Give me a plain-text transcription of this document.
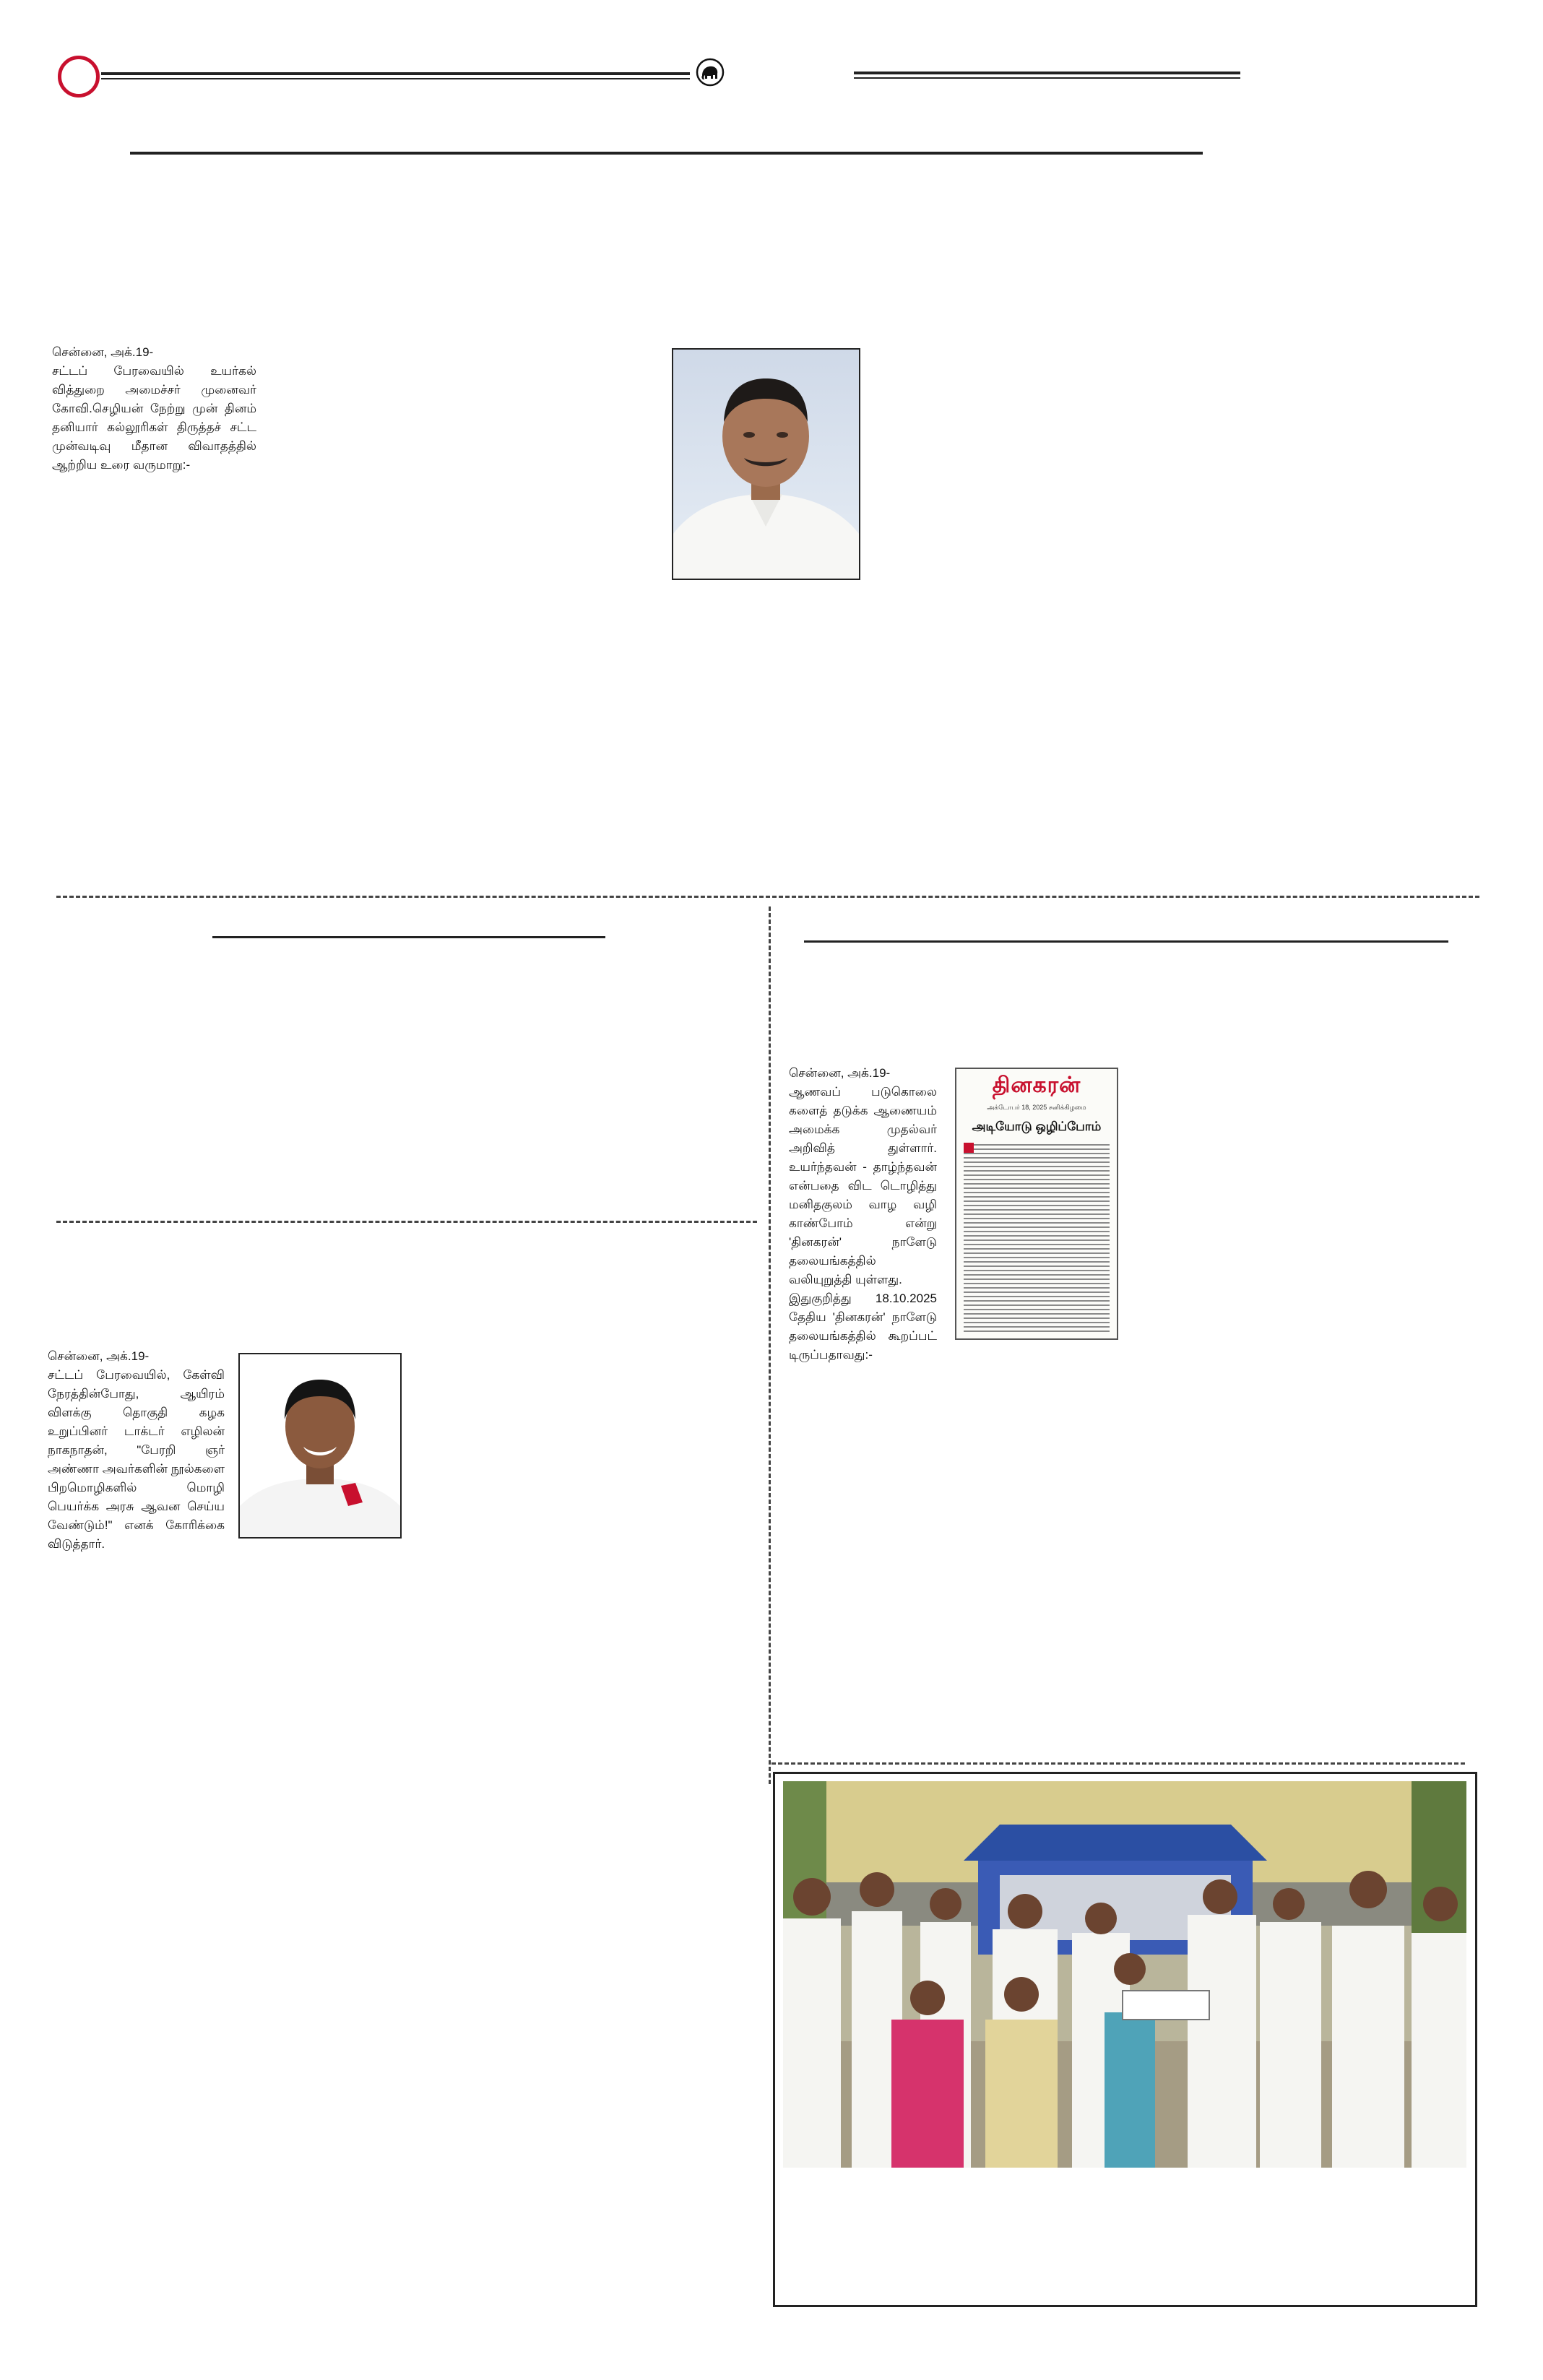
சென்னை, அக்.19-
சட்டப் பேரவையில் உயர்கல் வித்துறை அமைச்சர் முனைவர் கோவி.செழியன் நேற்று முன் தினம் தனியார் கல்லூரிகள் திருத்தச் சட்ட முன்வடிவு மீதான விவாதத்தில் ஆற்றிய உரை வருமாறு:-
சென்னை, அக்.19-
ஆணவப் படுகொலை களைத் தடுக்க ஆணையம் அமைக்க முதல்வர் அறிவித் துள்ளார். உயர்ந்தவன் - தாழ்ந்தவன் என்பதை விட டொழித்து மனிதகுலம் வாழ வழி காண்போம் என்று 'தினகரன்' நாளேடு தலையங்கத்தில் வலியுறுத்தி யுள்ளது.
இதுகுறித்து 18.10.2025 தேதிய 'தினகரன்' நாளேடு தலையங்கத்தில் கூறப்பட் டிருப்பதாவது:-
தினகரன்
அக்டோபர் 18, 2025 சனிக்கிழமை
அடியோடு ஒழிப்போம்
சென்னை, அக்.19-
சட்டப் பேரவையில், கேள்வி நேரத்தின்போது, ஆயிரம் விளக்கு தொகுதி கழக உறுப்பினர் டாக்டர் எழிலன் நாகநாதன், "பேரறி ஞர் அண்ணா அவர்களின் நூல்களை பிறமொழிகளில் மொழி பெயர்க்க அரசு ஆவன செய்ய வேண்டும்!" எனக் கோரிக்கை விடுத்தார்.
